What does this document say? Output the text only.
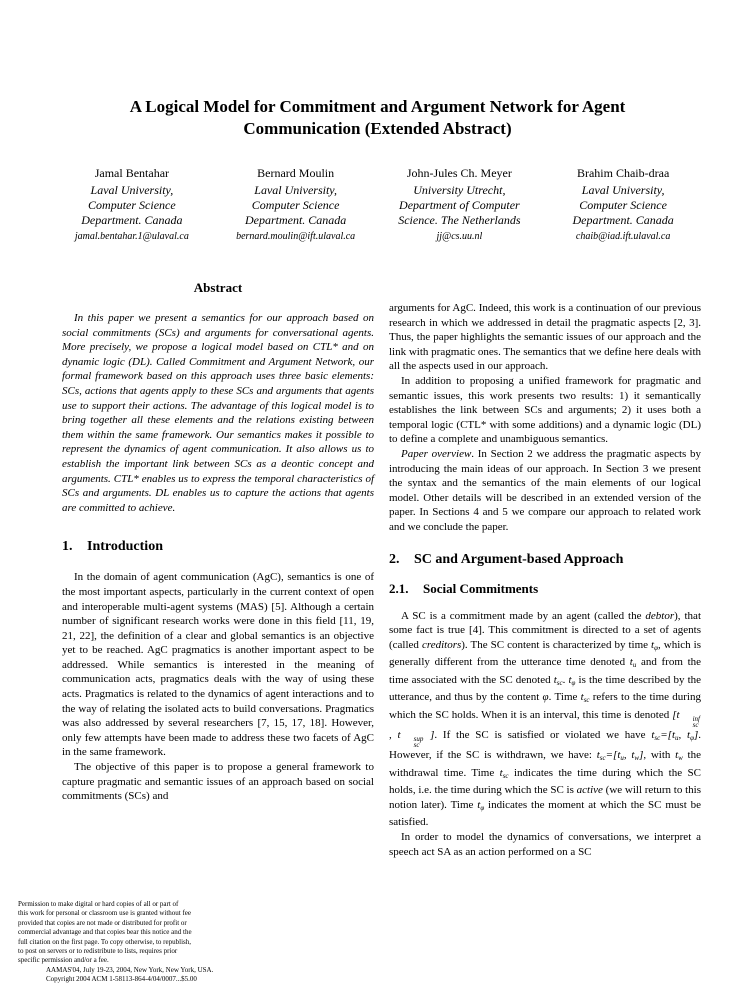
A Logical Model for Commitment and Argument Network for Agent Communication (Extended Abstract)
Jamal Bentahar
Laval University,
Computer Science
Department. Canada
jamal.bentahar.1@ulaval.ca
Bernard Moulin
Laval University,
Computer Science
Department. Canada
bernard.moulin@ift.ulaval.ca
John-Jules Ch. Meyer
University Utrecht,
Department of Computer
Science. The Netherlands
jj@cs.uu.nl
Brahim Chaib-draa
Laval University,
Computer Science
Department. Canada
chaib@iad.ift.ulaval.ca
Abstract

In this paper we present a semantics for our approach based on social commitments (SCs) and arguments for conversational agents. More precisely, we propose a logical model based on CTL* and on dynamic logic (DL). Called Commitment and Argument Network, our formal framework based on this approach uses three basic elements: SCs, actions that agents apply to these SCs and arguments that agents use to support their actions. The advantage of this logical model is to bring together all these elements and the relations existing between them within the same framework. Our semantics makes it possible to represent the dynamics of agent communication. It also allows us to establish the important link between SCs as a deontic concept and arguments. CTL* enables us to express the temporal characteristics of SCs and arguments. DL enables us to capture the actions that agents are committed to achieve.

1. Introduction

In the domain of agent communication (AgC), semantics is one of the most important aspects, particularly in the current context of open and interoperable multi-agent systems (MAS) [5]. Although a certain number of significant research works were done in this field [11, 19, 21, 22], the definition of a clear and global semantics is an objective yet to be reached. AgC pragmatics is another important aspect to be addressed. While semantics is interested in the meaning of communication acts, pragmatics deals with the way of using these acts. Pragmatics is related to the dynamics of agent interactions and to the way of relating the isolated acts to build conversations. Pragmatics was also addressed by several researchers [7, 15, 17, 18]. However, only few attempts have been made to address these two facets of AgC in the same framework.

The objective of this paper is to propose a general framework to capture pragmatic and semantic issues of an approach based on social commitments (SCs) and

arguments for AgC. Indeed, this work is a continuation of our previous research in which we addressed in detail the pragmatic aspects [2, 3]. Thus, the paper highlights the semantic issues of our approach and the link with pragmatic ones. The semantics that we define here deals with all the aspects used in our approach.

In addition to proposing a unified framework for pragmatic and semantic issues, this work presents two results: 1) it semantically establishes the link between SCs and arguments; 2) it uses both a temporal logic (CTL* with some additions) and a dynamic logic (DL) to define a complete and unambiguous semantics.

Paper overview. In Section 2 we address the pragmatic aspects by introducing the main ideas of our approach. In Section 3 we present the syntax and the semantics of the main elements of our logical model. Other details will be described in an extended version of the paper. In Sections 4 and 5 we compare our approach to related work and we conclude the paper.

2. SC and Argument-based Approach
2.1. Social Commitments

A SC is a commitment made by an agent (called the debtor), that some fact is true [4]. This commitment is directed to a set of agents (called creditors). The SC content is characterized by time tφ, which is generally different from the utterance time denoted tu and from the time associated with the SC denoted tsc. tφ is the time described by the utterance, and thus by the content φ. Time tsc refers to the time during which the SC holds. When it is an interval, this time is denoted [t	inf
sc
, t	sup
sc
]. If the SC is satisfied or violated we have tsc=[tu, tφ]. However, if the SC is withdrawn, we have: tsc=[tu, tw], with tw the withdrawal time. Time tsc indicates the time during which the SC holds, i.e. the time during which the SC is active (we will return to this notion later). Time tφ indicates the moment at which the SC must be satisfied.

In order to model the dynamics of conversations, we interpret a speech act SA as an action performed on a SC

Permission to make digital or hard copies of all or part of
this work for personal or classroom use is granted without fee
provided that copies are not made or distributed for profit or
commercial advantage and that copies bear this notice and the
full citation on the first page. To copy otherwise, to republish,
to post on servers or to redistribute to lists, requires prior
specific permission and/or a fee.
AAMAS'04, July 19-23, 2004, New York, New York, USA.
Copyright 2004 ACM 1-58113-864-4/04/0007...$5.00
